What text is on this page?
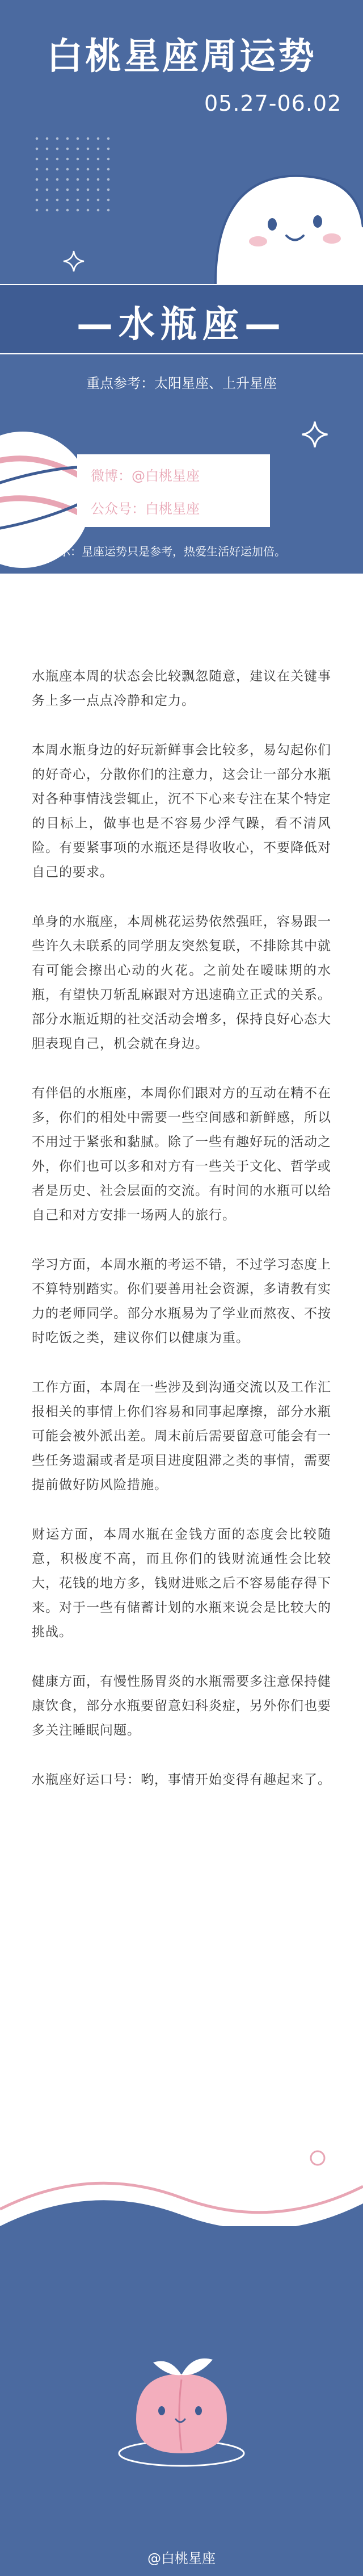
白桃星座周运势
05.27-06.02
—水瓶座—
重点参考：太阳星座、上升星座
微博：@白桃星座
公众号：白桃星座
温馨提示：星座运势只是参考，热爱生活好运加倍。

水瓶座本周的状态会比较飘忽随意，建议在关键事务上多一点点冷静和定力。

本周水瓶身边的好玩新鲜事会比较多，易勾起你们的好奇心，分散你们的注意力，这会让一部分水瓶对各种事情浅尝辄止，沉不下心来专注在某个特定的目标上，做事也是不容易少浮气躁，看不清风险。有要紧事项的水瓶还是得收收心，不要降低对自己的要求。

单身的水瓶座，本周桃花运势依然强旺，容易跟一些许久未联系的同学朋友突然复联，不排除其中就有可能会擦出心动的火花。之前处在暧昧期的水瓶，有望快刀斩乱麻跟对方迅速确立正式的关系。部分水瓶近期的社交活动会增多，保持良好心态大胆表现自己，机会就在身边。

有伴侣的水瓶座，本周你们跟对方的互动在精不在多，你们的相处中需要一些空间感和新鲜感，所以不用过于紧张和黏腻。除了一些有趣好玩的活动之外，你们也可以多和对方有一些关于文化、哲学或者是历史、社会层面的交流。有时间的水瓶可以给自己和对方安排一场两人的旅行。

学习方面，本周水瓶的考运不错，不过学习态度上不算特别踏实。你们要善用社会资源，多请教有实力的老师同学。部分水瓶易为了学业而熬夜、不按时吃饭之类，建议你们以健康为重。

工作方面，本周在一些涉及到沟通交流以及工作汇报相关的事情上你们容易和同事起摩擦，部分水瓶可能会被外派出差。周末前后需要留意可能会有一些任务遗漏或者是项目进度阻滞之类的事情，需要提前做好防风险措施。

财运方面，本周水瓶在金钱方面的态度会比较随意，积极度不高，而且你们的钱财流通性会比较大，花钱的地方多，钱财进账之后不容易能存得下来。对于一些有储蓄计划的水瓶来说会是比较大的挑战。

健康方面，有慢性肠胃炎的水瓶需要多注意保持健康饮食，部分水瓶要留意妇科炎症，另外你们也要多关注睡眠问题。

水瓶座好运口号：哟，事情开始变得有趣起来了。

@白桃星座
